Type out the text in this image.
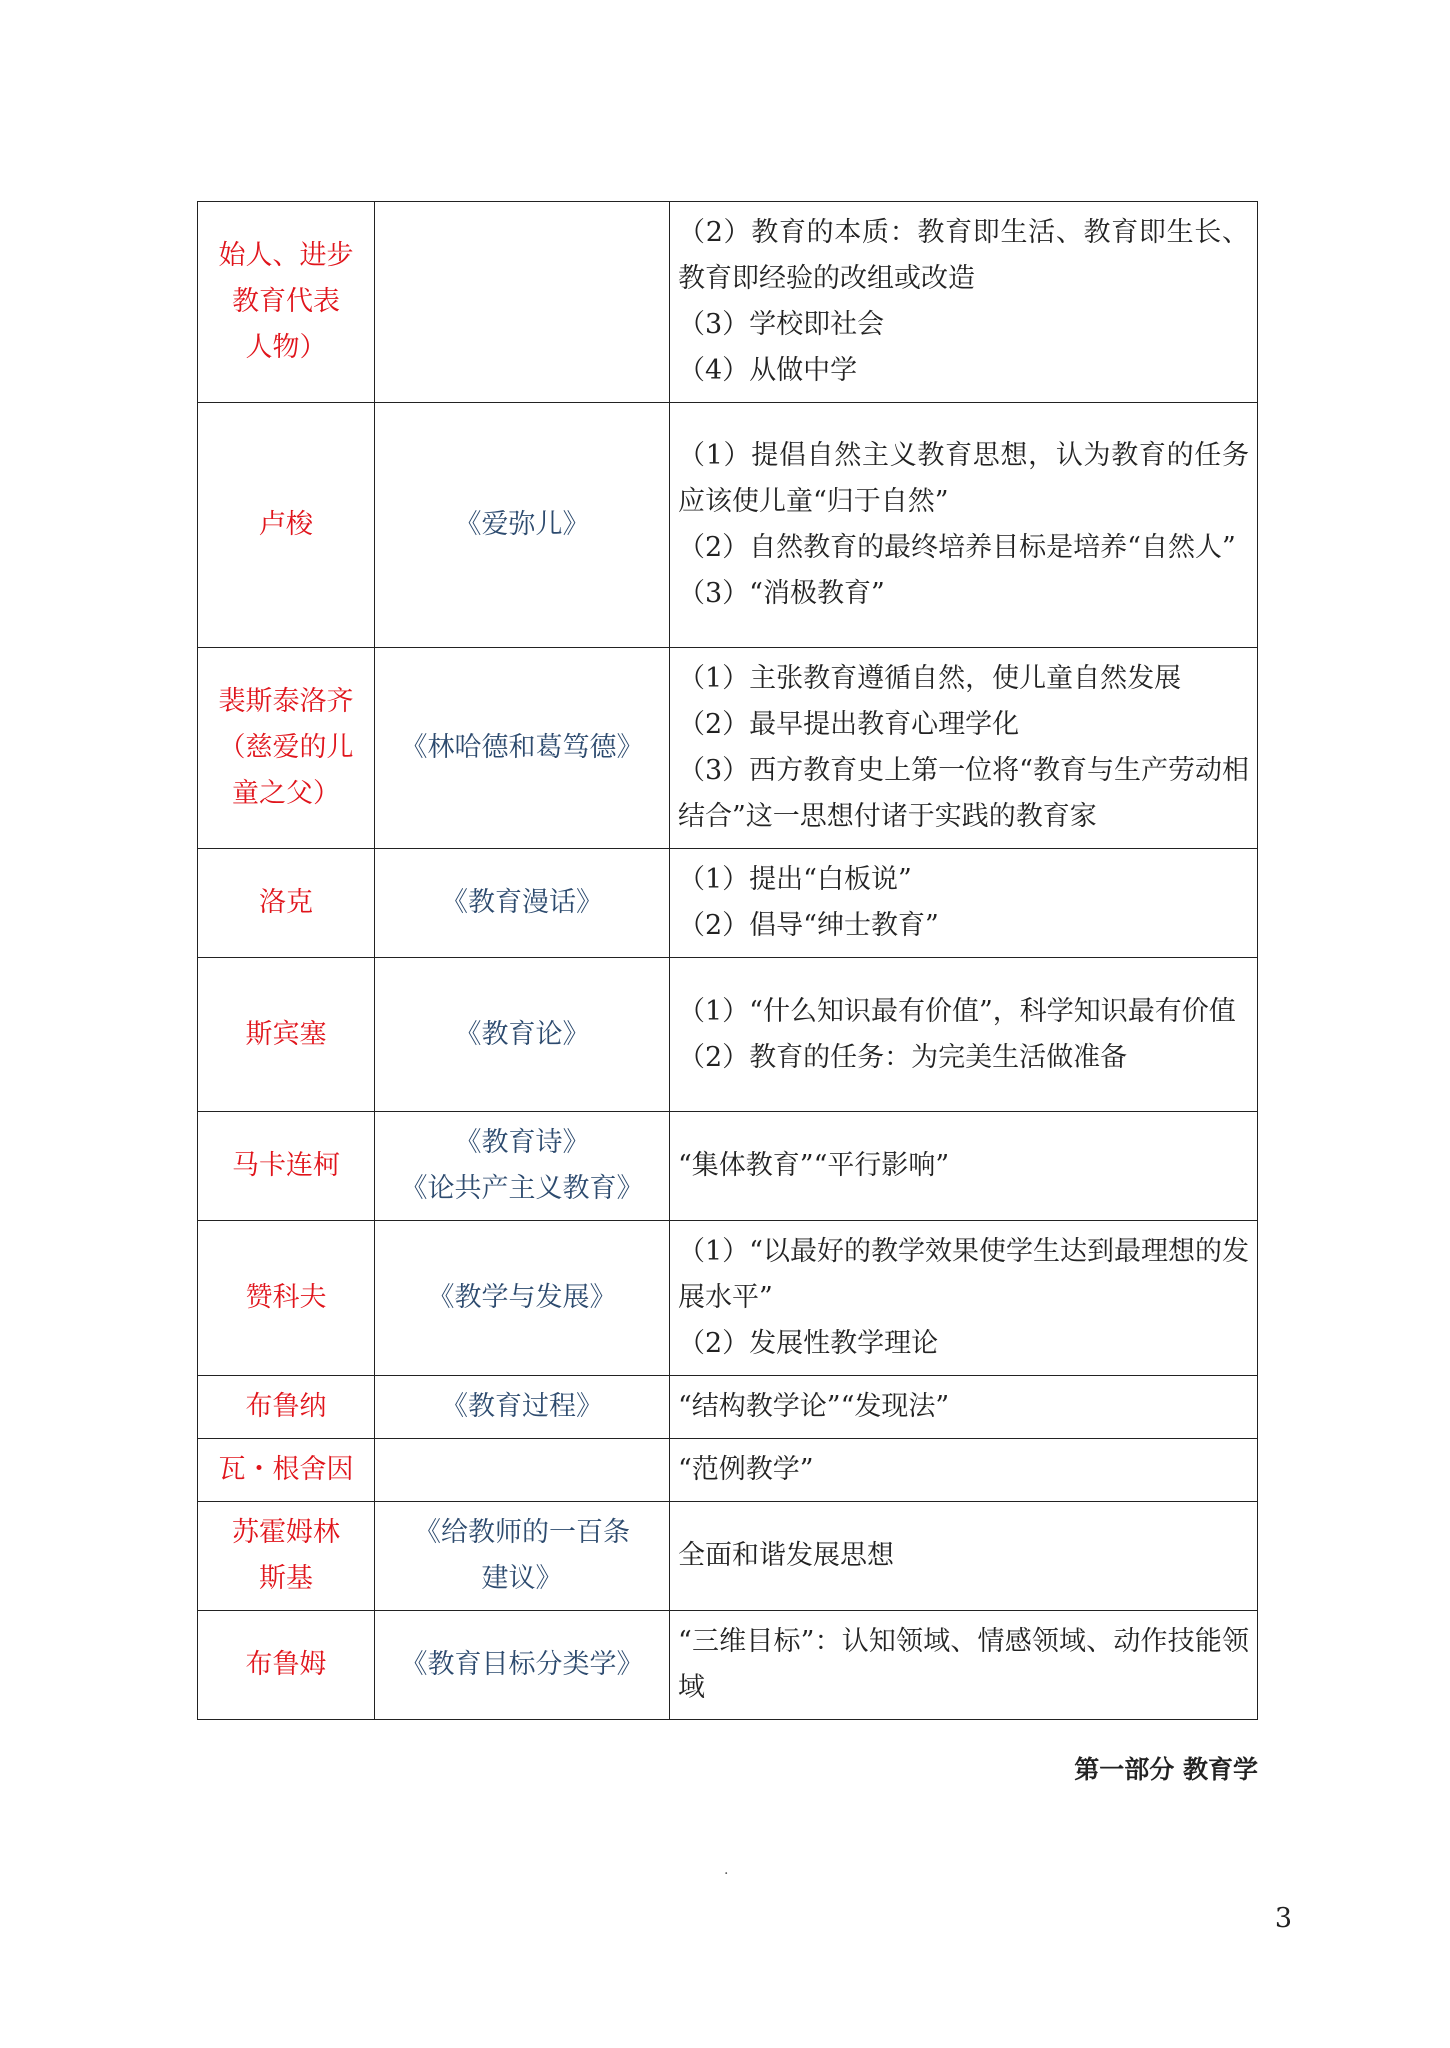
始人、进步
教育代表
人物）		（2）教育的本质：教育即生活、教育即生长、教育即经验的改组或改造
（3）学校即社会
（4）从做中学

卢梭	《爱弥儿》	（1）提倡自然主义教育思想，认为教育的任务应该使儿童“归于自然”
（2）自然教育的最终培养目标是培养“自然人”
（3）“消极教育”

裴斯泰洛齐
（慈爱的儿
童之父）	《林哈德和葛笃德》	（1）主张教育遵循自然，使儿童自然发展
（2）最早提出教育心理学化
（3）西方教育史上第一位将“教育与生产劳动相结合”这一思想付诸于实践的教育家

洛克	《教育漫话》	（1）提出“白板说”
（2）倡导“绅士教育”

斯宾塞	《教育论》	（1）“什么知识最有价值”，科学知识最有价值
（2）教育的任务：为完美生活做准备

马卡连柯	《教育诗》
《论共产主义教育》	“集体教育”“平行影响”

赞科夫	《教学与发展》	（1）“以最好的教学效果使学生达到最理想的发展水平”
（2）发展性教学理论

布鲁纳	《教育过程》	“结构教学论”“发现法”

瓦・根舍因		“范例教学”

苏霍姆林
斯基	《给教师的一百条
建议》	全面和谐发展思想

布鲁姆	《教育目标分类学》	“三维目标”：认知领域、情感领域、动作技能领域
第一部分 教育学
·
3
